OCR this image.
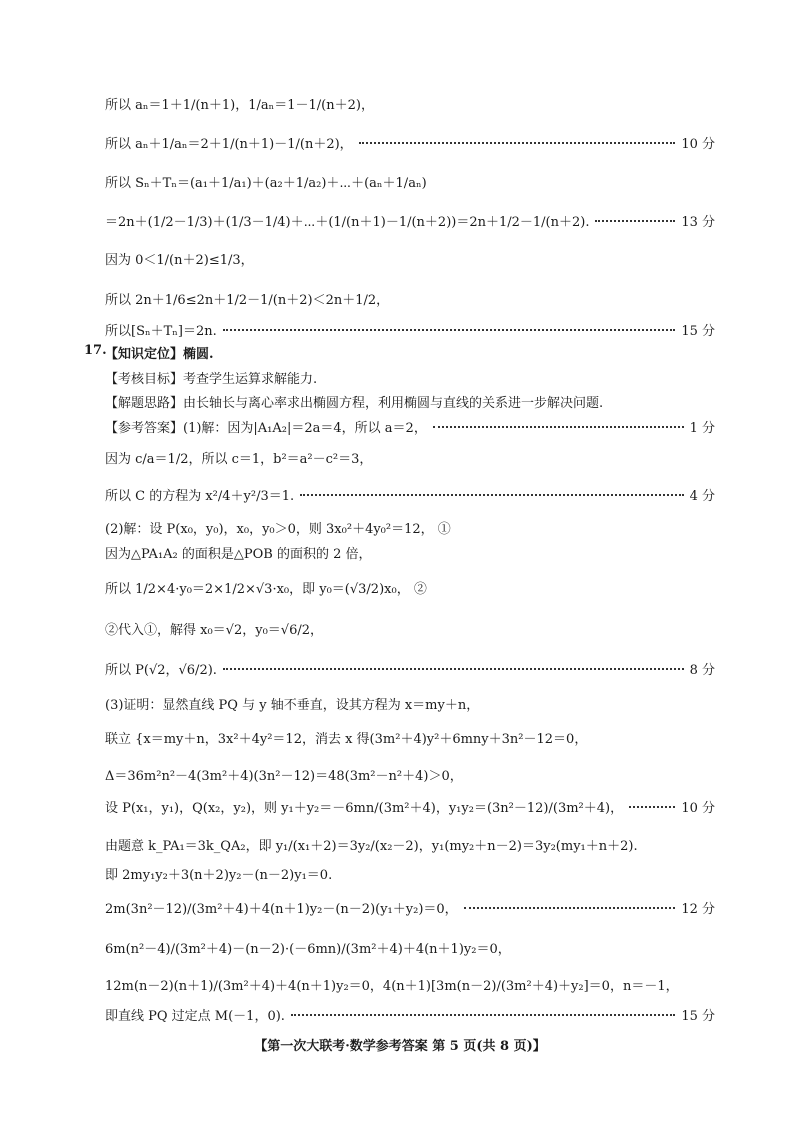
所以 aₙ＝1＋1/(n＋1)，1/aₙ＝1－1/(n＋2)，
所以 aₙ＋1/aₙ＝2＋1/(n＋1)－1/(n＋2)，	10 分
所以 Sₙ＋Tₙ＝(a₁＋1/a₁)＋(a₂＋1/a₂)＋⋯＋(aₙ＋1/aₙ)
＝2n＋(1/2－1/3)＋(1/3－1/4)＋⋯＋(1/(n＋1)－1/(n＋2))＝2n＋1/2－1/(n＋2).	13 分
因为 0＜1/(n＋2)≤1/3，
所以 2n＋1/6≤2n＋1/2－1/(n＋2)＜2n＋1/2，
所以[Sₙ＋Tₙ]＝2n.	15 分
17.
【知识定位】椭圆.
【考核目标】考查学生运算求解能力.
【解题思路】由长轴长与离心率求出椭圆方程，利用椭圆与直线的关系进一步解决问题.
【参考答案】(1)解：因为|A₁A₂|＝2a＝4，所以 a＝2，	1 分
因为 c/a＝1/2，所以 c＝1，b²＝a²－c²＝3，
所以 C 的方程为 x²/4＋y²/3＝1.	4 分
(2)解：设 P(x₀，y₀)，x₀，y₀＞0，则 3x₀²＋4y₀²＝12， ①
因为△PA₁A₂ 的面积是△POB 的面积的 2 倍，
所以 1/2×4·y₀＝2×1/2×√3·x₀，即 y₀＝(√3/2)x₀， ②
②代入①，解得 x₀＝√2，y₀＝√6/2，
所以 P(√2，√6/2).	8 分
(3)证明：显然直线 PQ 与 y 轴不垂直，设其方程为 x＝my＋n，
联立 {x＝my＋n，3x²＋4y²＝12，消去 x 得(3m²＋4)y²＋6mny＋3n²－12＝0，
Δ＝36m²n²－4(3m²＋4)(3n²－12)＝48(3m²－n²＋4)＞0，
设 P(x₁，y₁)，Q(x₂，y₂)，则 y₁＋y₂＝－6mn/(3m²＋4)，y₁y₂＝(3n²－12)/(3m²＋4)，	10 分
由题意 k_PA₁＝3k_QA₂，即 y₁/(x₁＋2)＝3y₂/(x₂－2)，y₁(my₂＋n－2)＝3y₂(my₁＋n＋2).
即 2my₁y₂＋3(n＋2)y₂－(n－2)y₁＝0.
2m(3n²－12)/(3m²＋4)＋4(n＋1)y₂－(n－2)(y₁＋y₂)＝0，	12 分
6m(n²－4)/(3m²＋4)－(n－2)·(－6mn)/(3m²＋4)＋4(n＋1)y₂＝0，
12m(n－2)(n＋1)/(3m²＋4)＋4(n＋1)y₂＝0，4(n＋1)[3m(n－2)/(3m²＋4)＋y₂]＝0，n＝－1，
即直线 PQ 过定点 M(－1，0).	15 分
【第一次大联考·数学参考答案 第 5 页(共 8 页)】
